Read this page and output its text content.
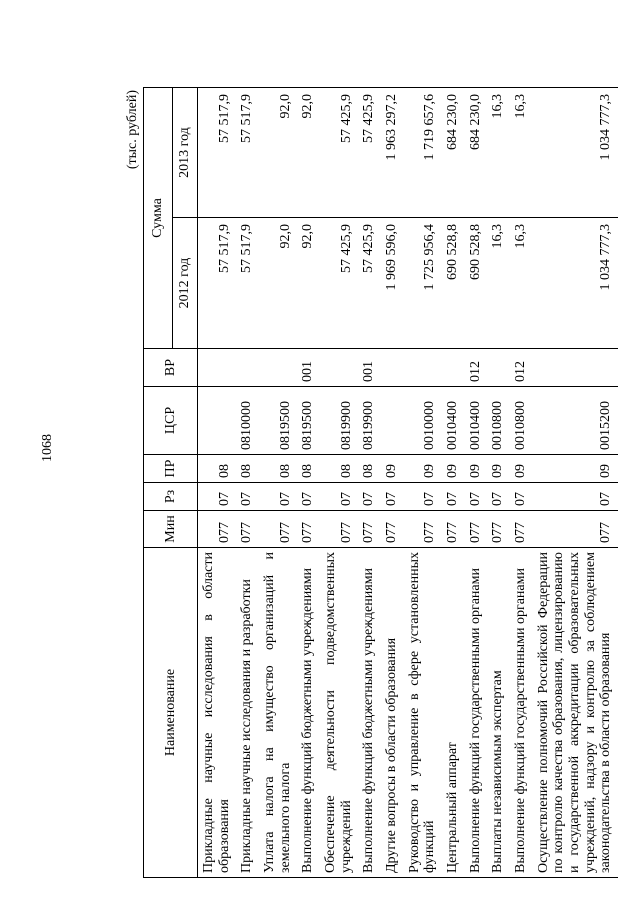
1068
(тыс. рублей)
Наименование	Мин	Рз	ПР	ЦСР	ВР	Сумма	
						2012 год	2013 год
Прикладные научные исследования в области образования	077	07	08			57 517,9	57 517,9
Прикладные научные исследования и разработки	077	07	08	0810000		57 517,9	57 517,9
Уплата налога на имущество организаций и земельного налога	077	07	08	0819500		92,0	92,0
Выполнение функций бюджетными учреждениями	077	07	08	0819500	001	92,0	92,0
Обеспечение деятельности подведомственных учреждений	077	07	08	0819900		57 425,9	57 425,9
Выполнение функций бюджетными учреждениями	077	07	08	0819900	001	57 425,9	57 425,9
Другие вопросы в области образования	077	07	09			1 969 596,0	1 963 297,2
Руководство и управление в сфере установленных функций	077	07	09	0010000		1 725 956,4	1 719 657,6
Центральный аппарат	077	07	09	0010400		690 528,8	684 230,0
Выполнение функций государственными органами	077	07	09	0010400	012	690 528,8	684 230,0
Выплаты независимым экспертам	077	07	09	0010800		16,3	16,3
Выполнение функций государственными органами	077	07	09	0010800	012	16,3	16,3
Осуществление полномочий Российской Федерации по контролю качества образования, лицензированию и государственной аккредитации образовательных учреждений, надзору и контролю за соблюдением законодательства в области образования	077	07	09	0015200		1 034 777,3	1 034 777,3
